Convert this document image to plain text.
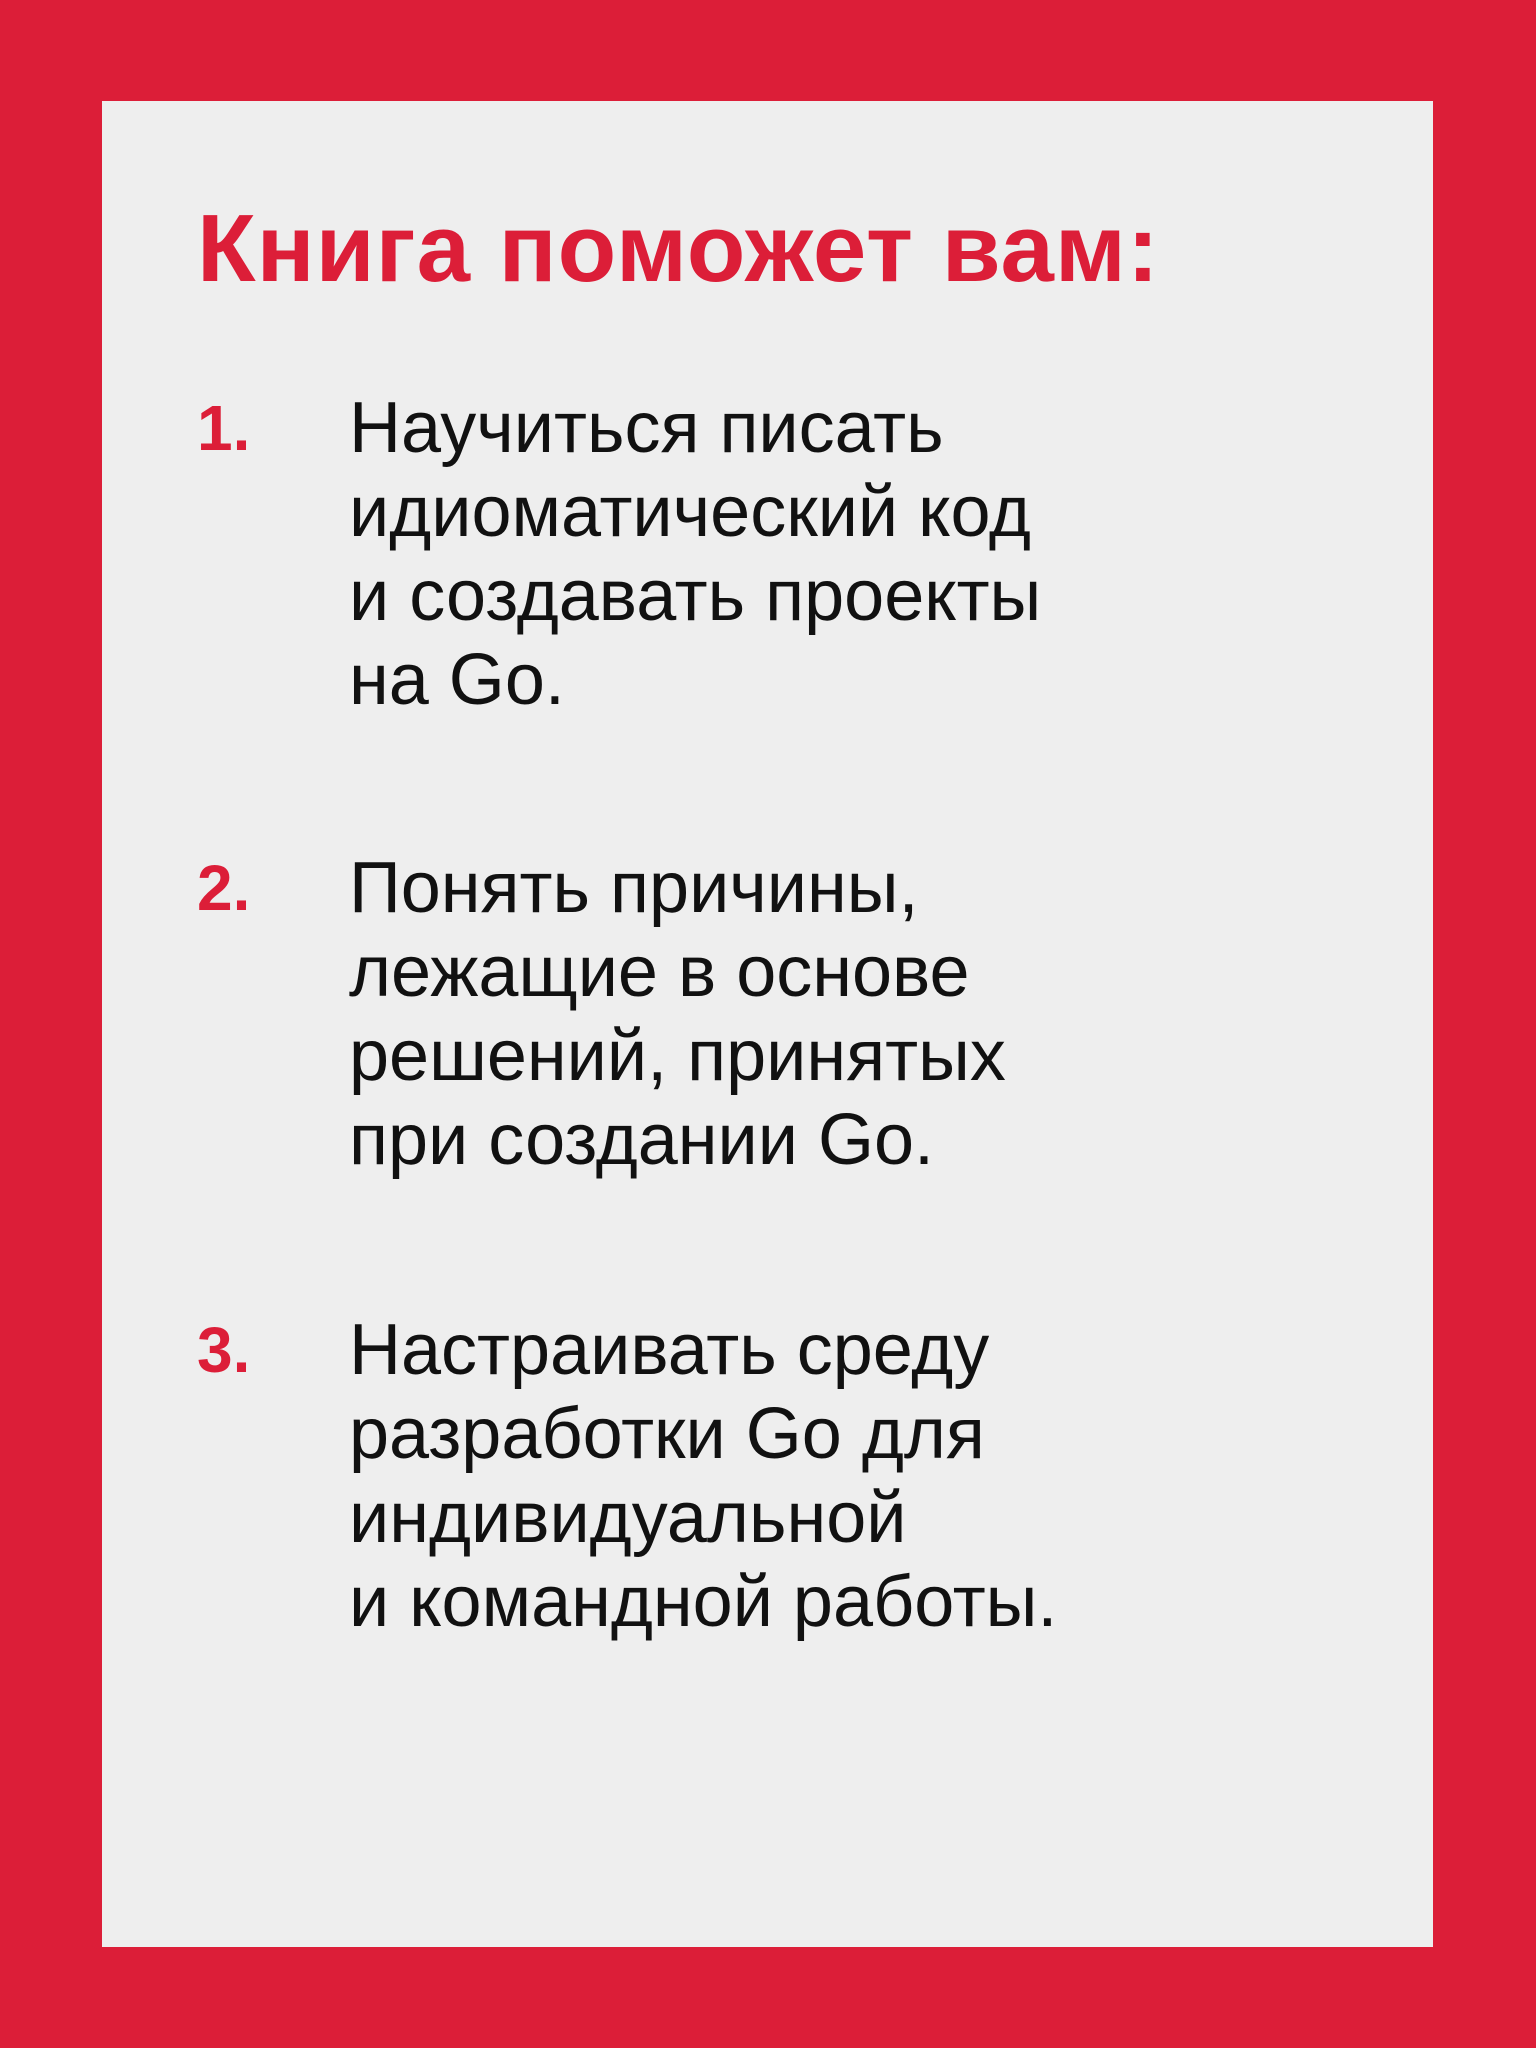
Книга поможет вам:
1. Научиться писать
идиоматический код
и создавать проекты
на Go.

2. Понять причины,
лежащие в основе
решений, принятых
при создании Go.

3. Настраивать среду
разработки Go для
индивидуальной
и командной работы.
